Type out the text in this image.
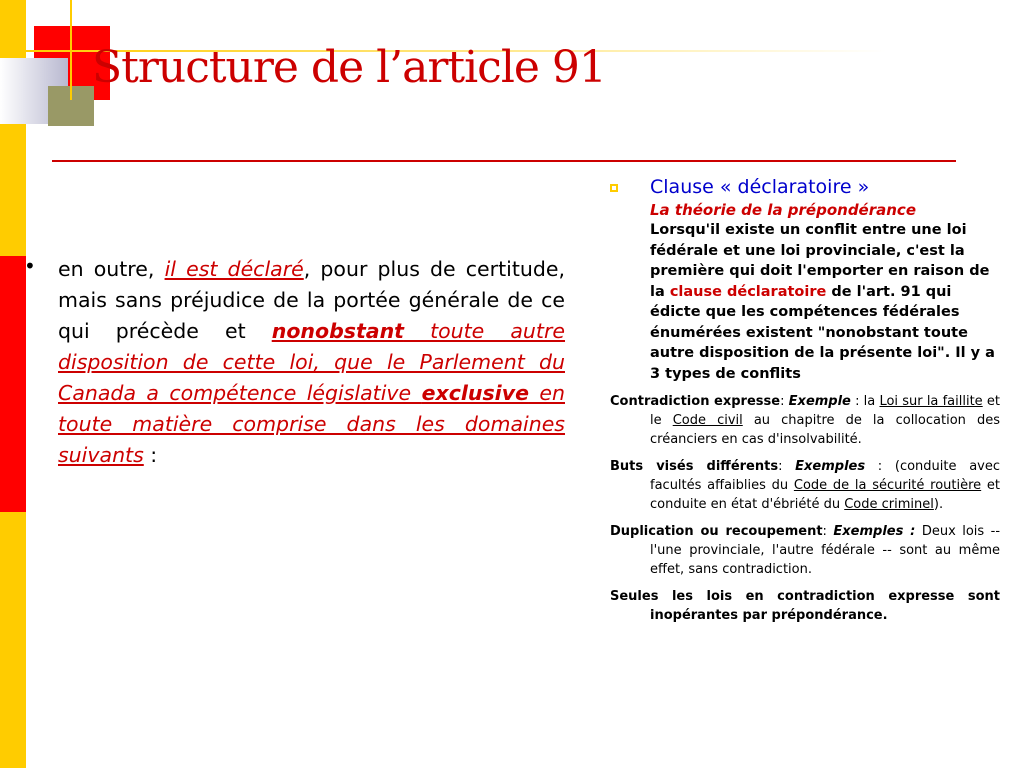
Structure de l’article 91
• en outre, il est déclaré, pour plus de certitude, mais sans préjudice de la portée générale de ce qui précède et nonobstant toute autre disposition de cette loi, que le Parlement du Canada a compétence législative exclusive en toute matière comprise dans les domaines suivants :

Clause « déclaratoire »

La théorie de la prépondérance

Lorsqu'il existe un conflit entre une loi fédérale et une loi provinciale, c'est la première qui doit l'emporter en raison de la clause déclaratoire de l'art. 91 qui édicte que les compétences fédérales énumérées existent "nonobstant toute autre disposition de la présente loi". Il y a 3 types de conflits

Contradiction expresse: Exemple : la Loi sur la faillite et le Code civil au chapitre de la collocation des créanciers en cas d'insolvabilité.

Buts visés différents: Exemples : (conduite avec facultés affaiblies du Code de la sécurité routière et conduite en état d'ébriété du Code criminel).

Duplication ou recoupement: Exemples : Deux lois -- l'une provinciale, l'autre fédérale -- sont au même effet, sans contradiction.

Seules les lois en contradiction expresse sont inopérantes par prépondérance.
